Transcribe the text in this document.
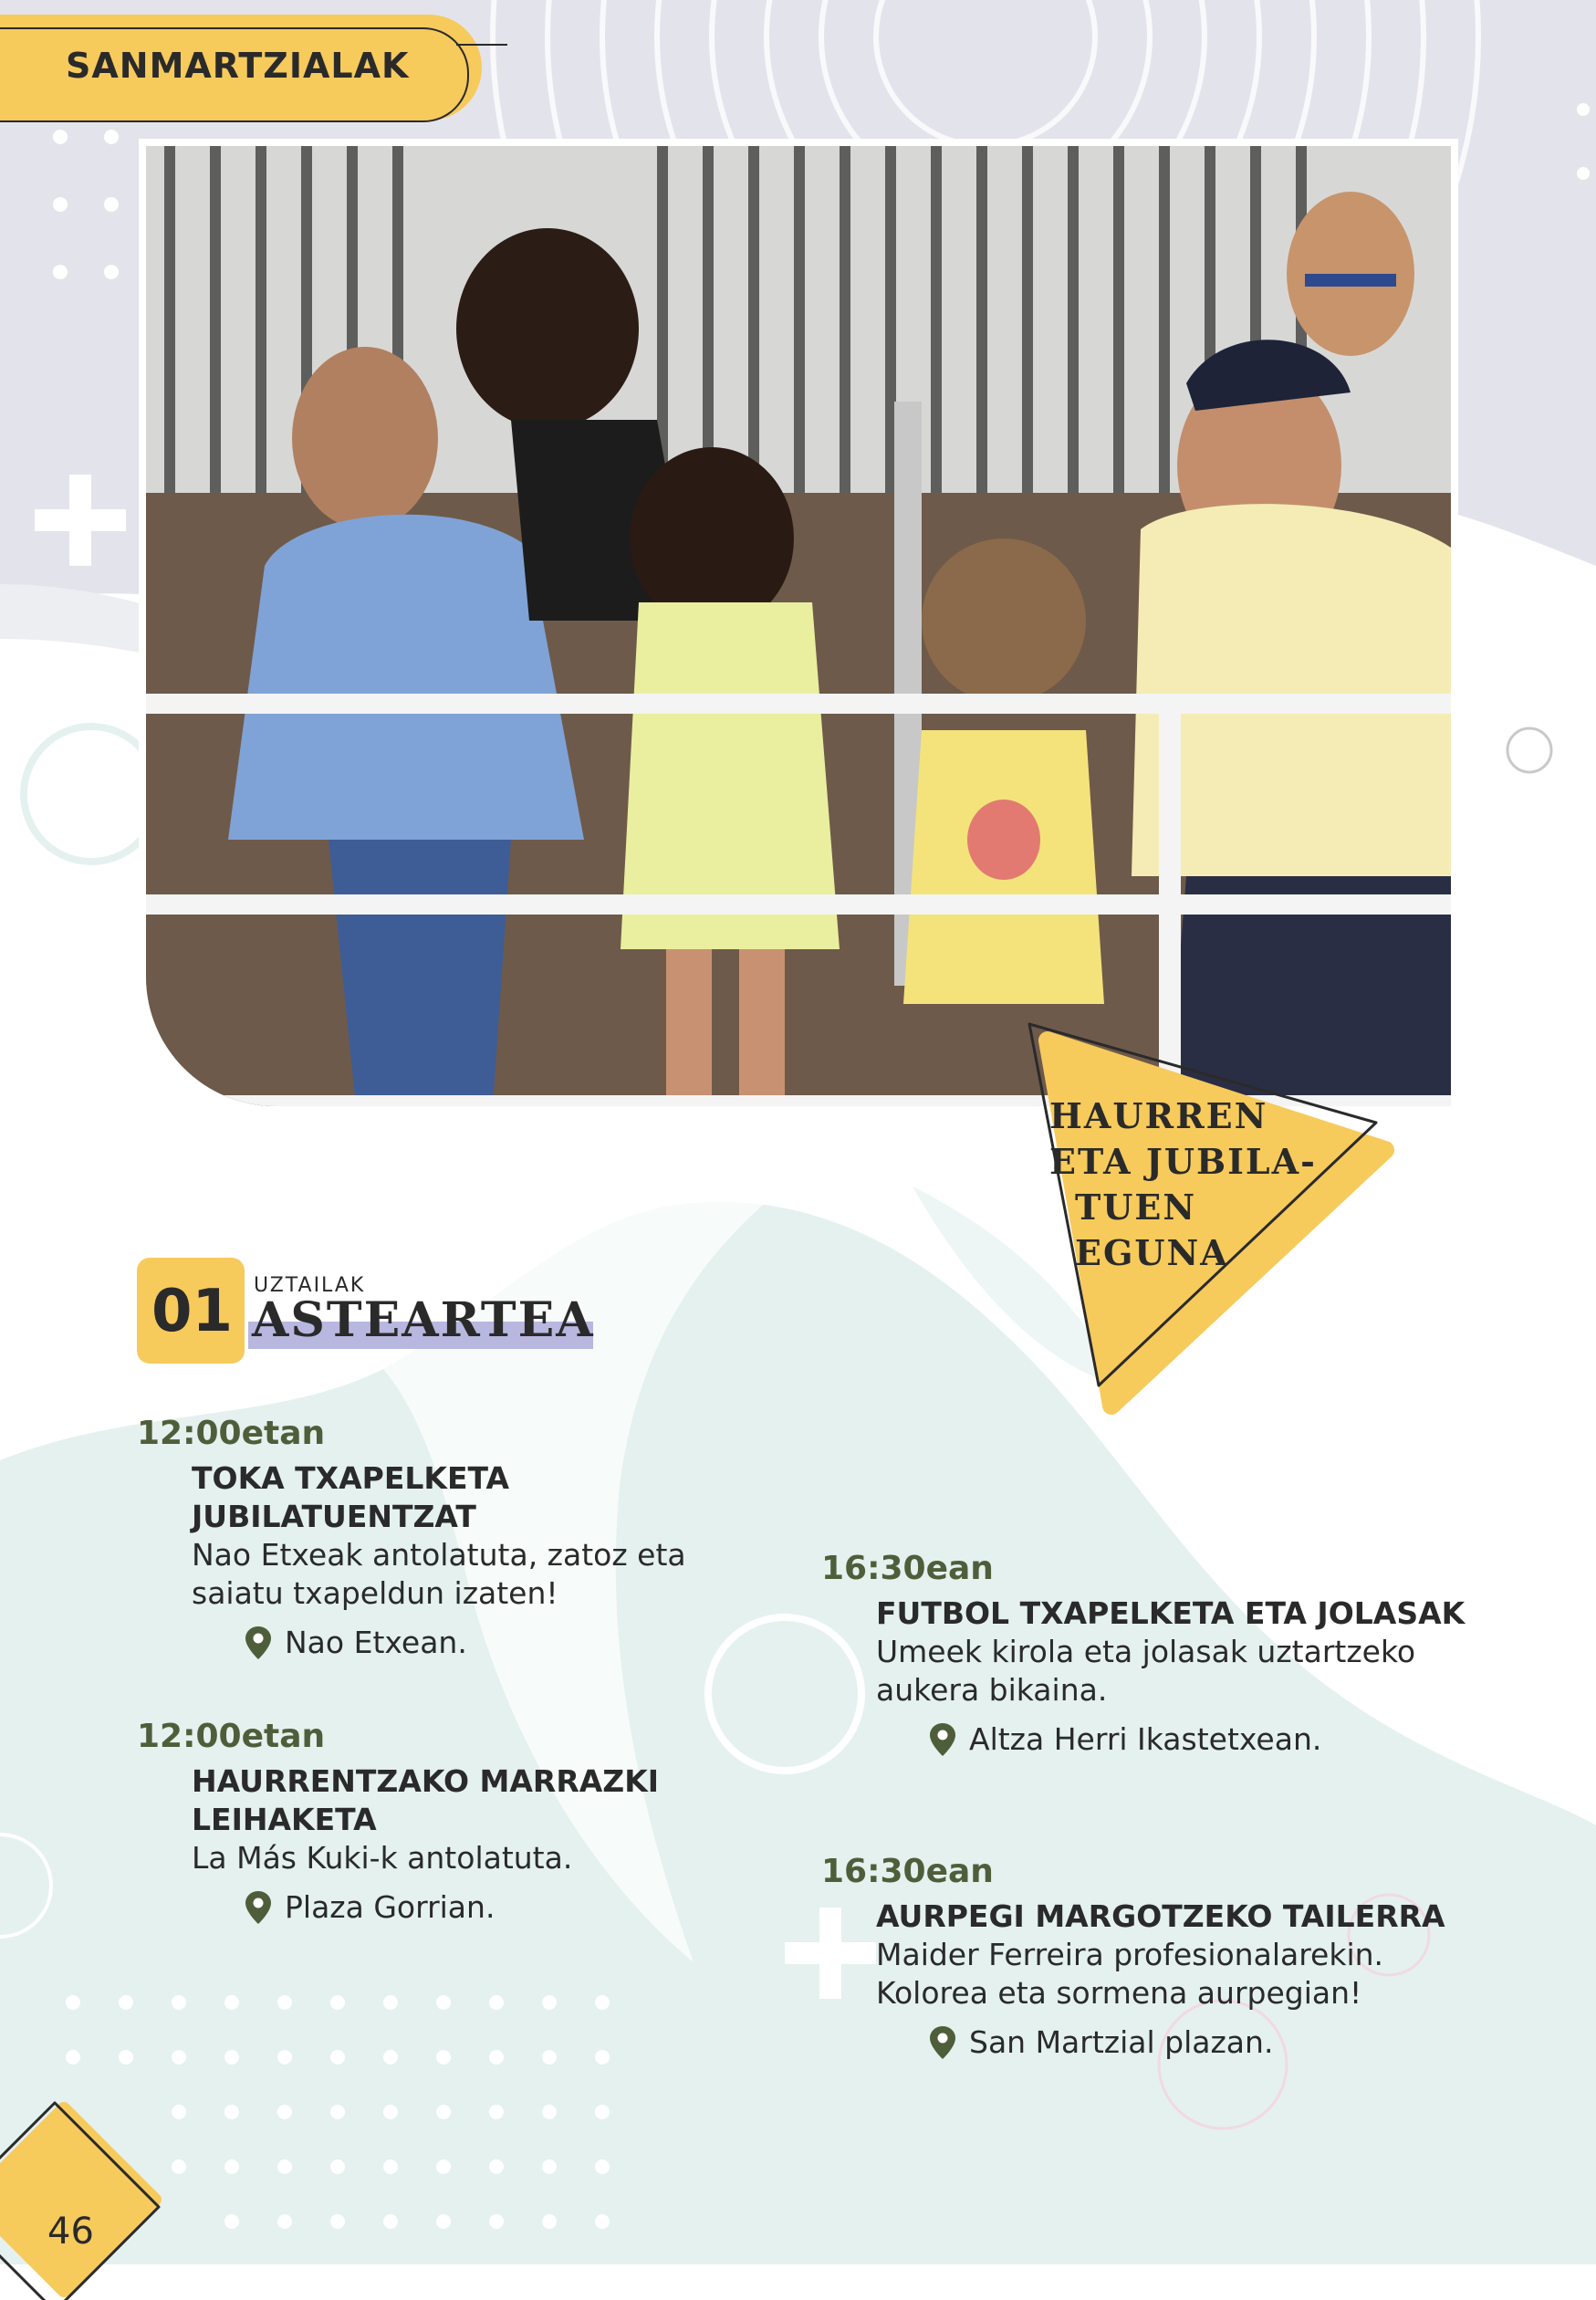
SANMARTZIALAK
HAURREN
ETA JUBILA-
TUEN
EGUNA
01 UZTAILAK
ASTEARTEA
12:00etan
TOKA TXAPELKETA JUBILATUENTZAT
Nao Etxeak antolatuta, zatoz eta saiatu txapeldun izaten!
Nao Etxean.
12:00etan
HAURRENTZAKO MARRAZKI LEIHAKETA
La Más Kuki-k antolatuta.
Plaza Gorrian.
16:30ean
FUTBOL TXAPELKETA ETA JOLASAK
Umeek kirola eta jolasak uztartzeko aukera bikaina.
Altza Herri Ikastetxean.
16:30ean
AURPEGI MARGOTZEKO TAILERRA
Maider Ferreira profesionalarekin. Kolorea eta sormena aurpegian!
San Martzial plazan.
46
